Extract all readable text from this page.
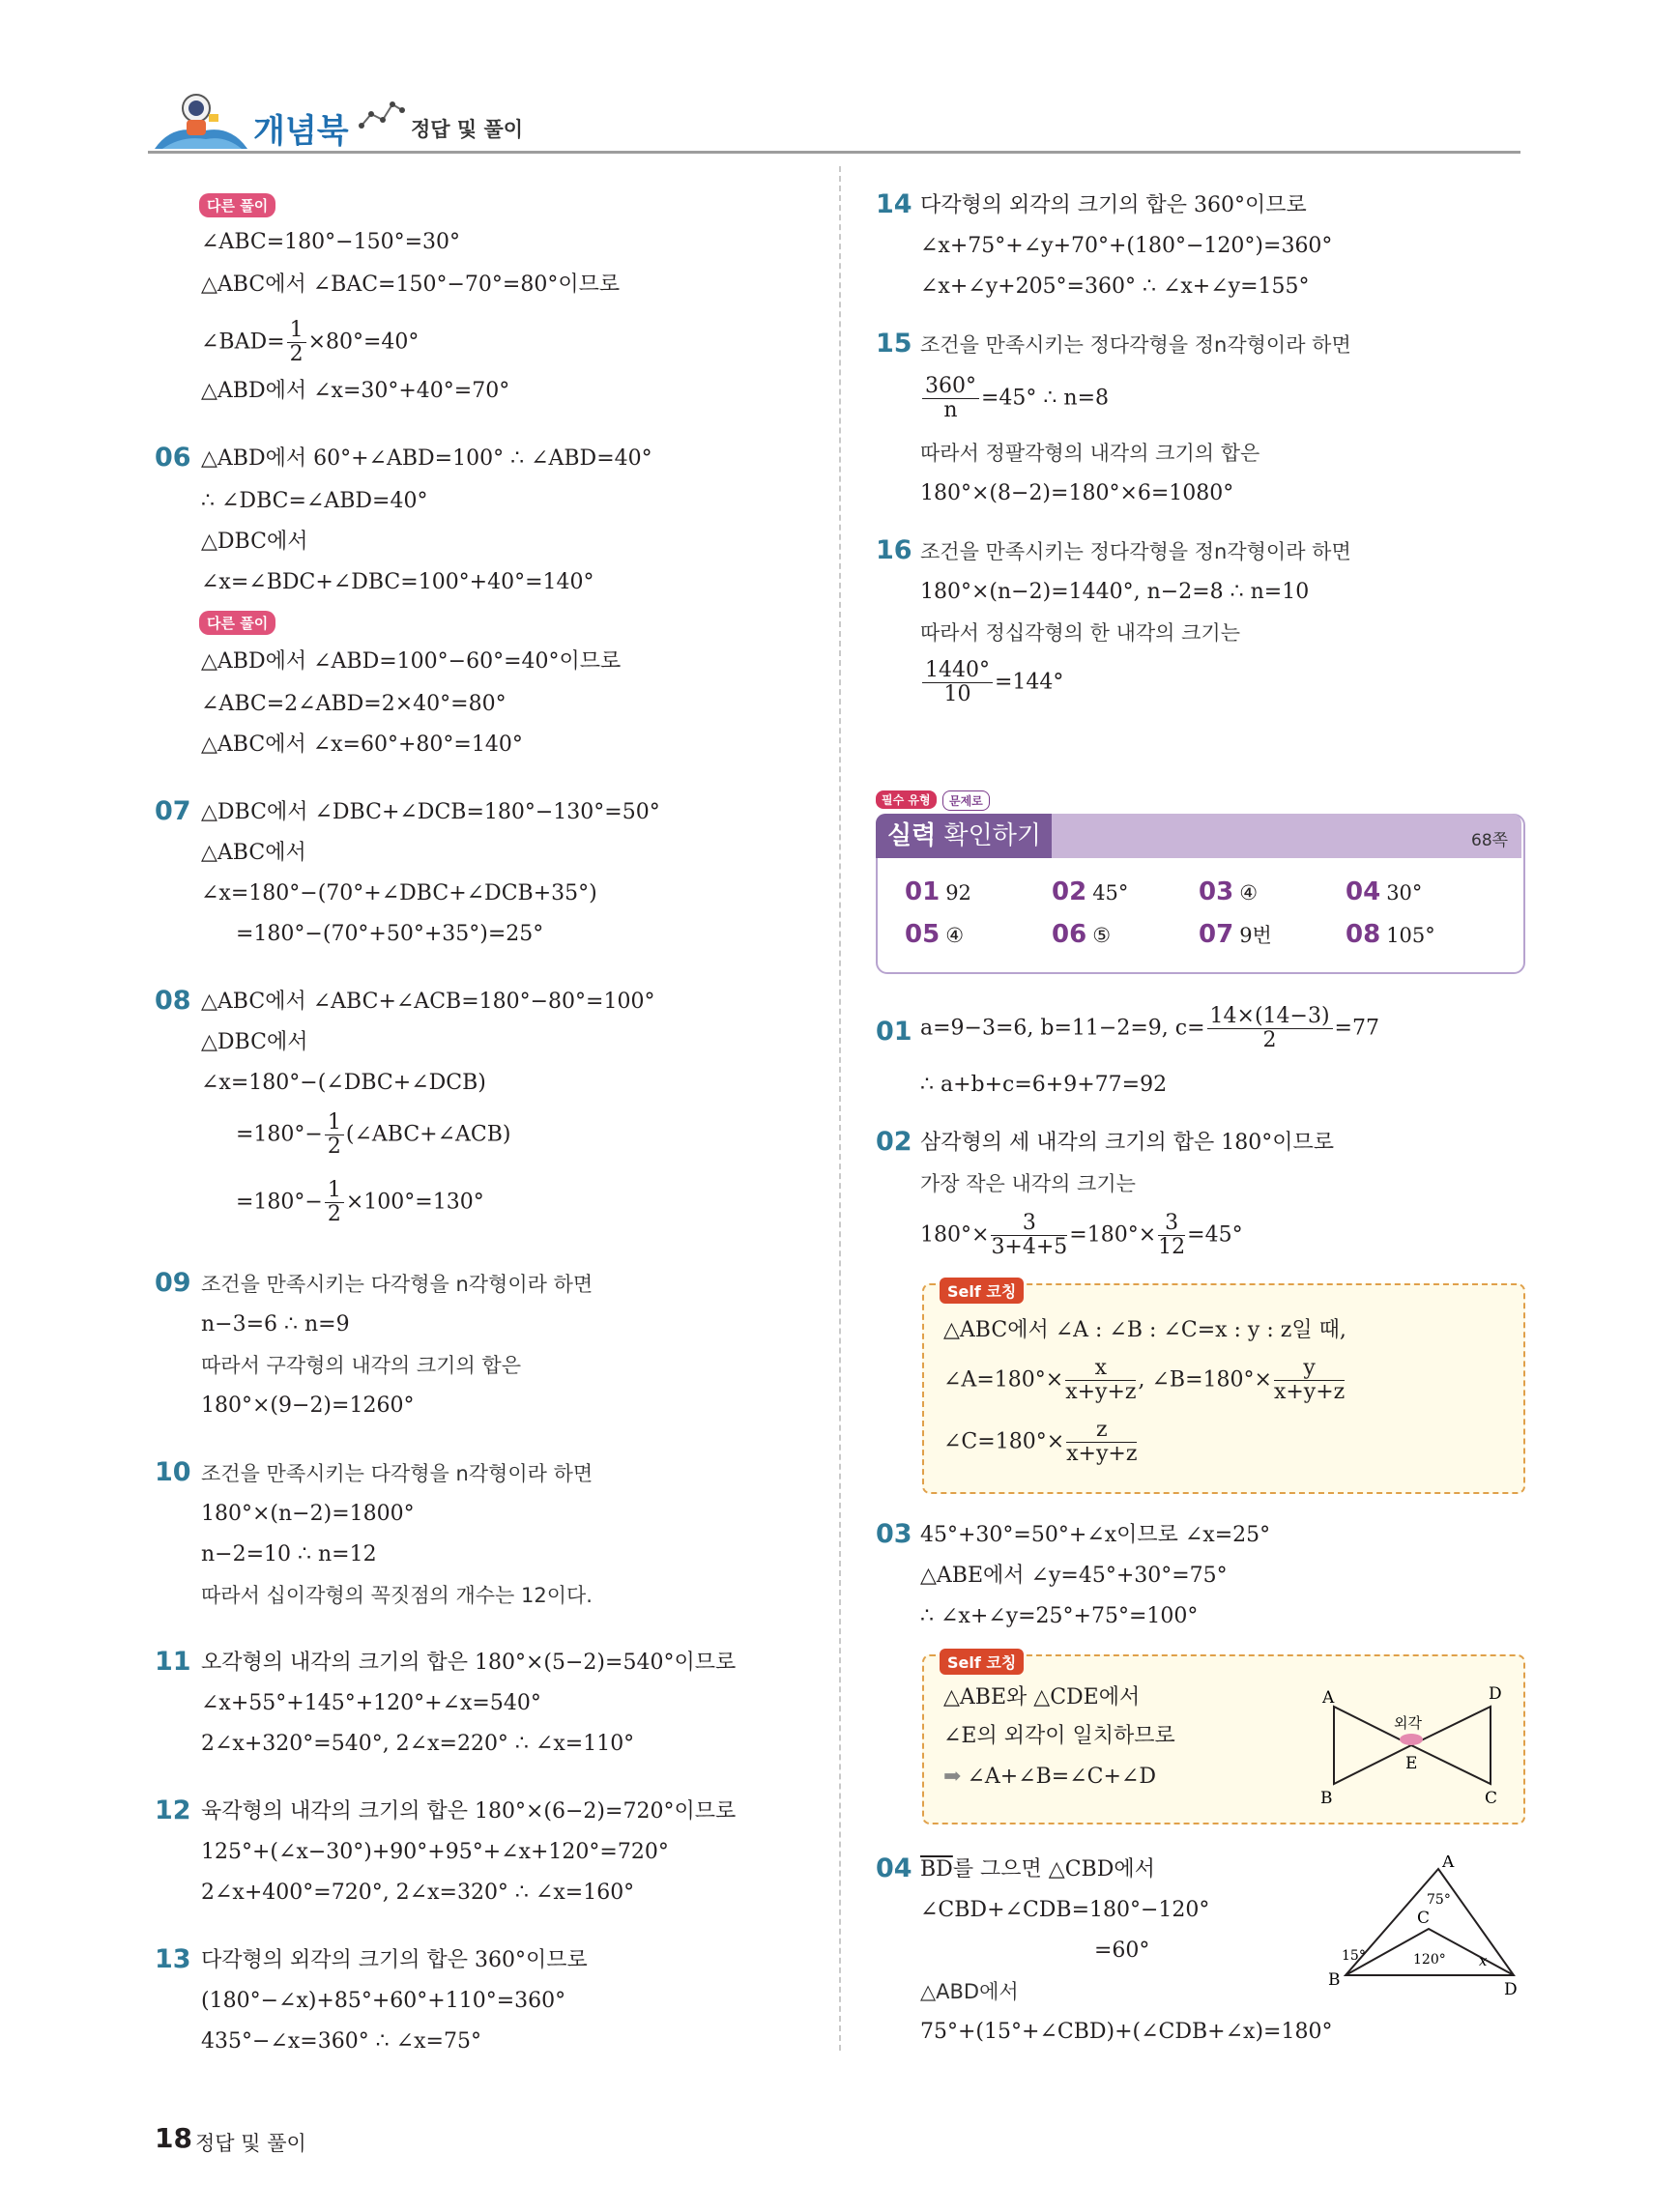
개념북	정답 및 풀이
다른 풀이
∠ABC=180°−150°=30°
△ABC에서 ∠BAC=150°−70°=80°이므로
∠BAD= $\frac{1}{2} \times 80^\circ=40^\circ$
△ABD에서 ∠x=30°+40°=70°
06 △ABD에서 60°+∠ABD=100° ∴ ∠ABD=40°
∴ ∠DBC=∠ABD=40°
△DBC에서
∠x=∠BDC+∠DBC=100°+40°=140°
다른 풀이
△ABD에서 ∠ABD=100°−60°=40°이므로
∠ABC=2∠ABD=2×40°=80°
△ABC에서 ∠x=60°+80°=140°
07 △DBC에서 ∠DBC+∠DCB=180°−130°=50°
△ABC에서
∠x=180°−(70°+∠DBC+∠DCB+35°)
=180°−(70°+50°+35°)=25°
08 △ABC에서 ∠ABC+∠ACB=180°−80°=100°
△DBC에서
∠x=180°−(∠DBC+∠DCB)
$=180^\circ- \frac{1}{2}$ (∠ABC+∠ACB)
$=180^\circ- \frac{1}{2} \times 100^\circ=130^\circ$
09 조건을 만족시키는 다각형을 n각형이라 하면
n−3=6 ∴ n=9
따라서 구각형의 내각의 크기의 합은
180°×(9−2)=1260°
10 조건을 만족시키는 다각형을 n각형이라 하면
180°×(n−2)=1800°
n−2=10 ∴ n=12
따라서 십이각형의 꼭짓점의 개수는 12이다.
11 오각형의 내각의 크기의 합은 180°×(5−2)=540°이므로
∠x+55°+145°+120°+∠x=540°
2∠x+320°=540°, 2∠x=220° ∴ ∠x=110°
12 육각형의 내각의 크기의 합은 180°×(6−2)=720°이므로
125°+(∠x−30°)+90°+95°+∠x+120°=720°
2∠x+400°=720°, 2∠x=320° ∴ ∠x=160°
13 다각형의 외각의 크기의 합은 360°이므로
(180°−∠x)+85°+60°+110°=360°
435°−∠x=360° ∴ ∠x=75°
14 다각형의 외각의 크기의 합은 360°이므로
∠x+75°+∠y+70°+(180°−120°)=360°
∠x+∠y+205°=360° ∴ ∠x+∠y=155°
15 조건을 만족시키는 정다각형을 정n각형이라 하면
$\frac{360^\circ}{n} =45^\circ$ ∴ n=8
따라서 정팔각형의 내각의 크기의 합은
180°×(8−2)=180°×6=1080°
16 조건을 만족시키는 정다각형을 정n각형이라 하면
180°×(n−2)=1440°, n−2=8 ∴ n=10
따라서 정십각형의 한 내각의 크기는
$\frac{1440^\circ}{10} =144^\circ$
실력 확인하기
필수 유형	문제로
68쪽
01 92	02 45°	03 ④	04 30°
05 ④	06 ⑤	07 9번	08 105°
01 a=9−3=6, b=11−2=9, $c= \frac{14\times(14-3)}{2} =77$
∴ a+b+c=6+9+77=92
02 삼각형의 세 내각의 크기의 합은 180°이므로
가장 작은 내각의 크기는
$180^\circ\times \frac{3}{3+4+5} =180^\circ\times \frac{3}{12} =45^\circ$
Self 코칭
△ABC에서 ∠A : ∠B : ∠C=x : y : z일 때,
∠A=180°× $\frac{x}{x+y+z}$ , ∠B=180°× $\frac{y}{x+y+z}$
∠C=180°× $\frac{z}{x+y+z}$
03 45°+30°=50°+∠x이므로 ∠x=25°
△ABE에서 ∠y=45°+30°=75°
∴ ∠x+∠y=25°+75°=100°
Self 코칭
△ABE와 △CDE에서
∠E의 외각이 일치하므로
➡ ∠A+∠B=∠C+∠D
A
B	C
D
E
외각
04 $\overline{BD}$를 그으면 △CBD에서
∠CBD+∠CDB=180°−120°
=60°
△ABD에서
75°+(15°+∠CBD)+(∠CDB+∠x)=180°
A
B
C
D
75°
15°	120° x
18 정답 및 풀이
